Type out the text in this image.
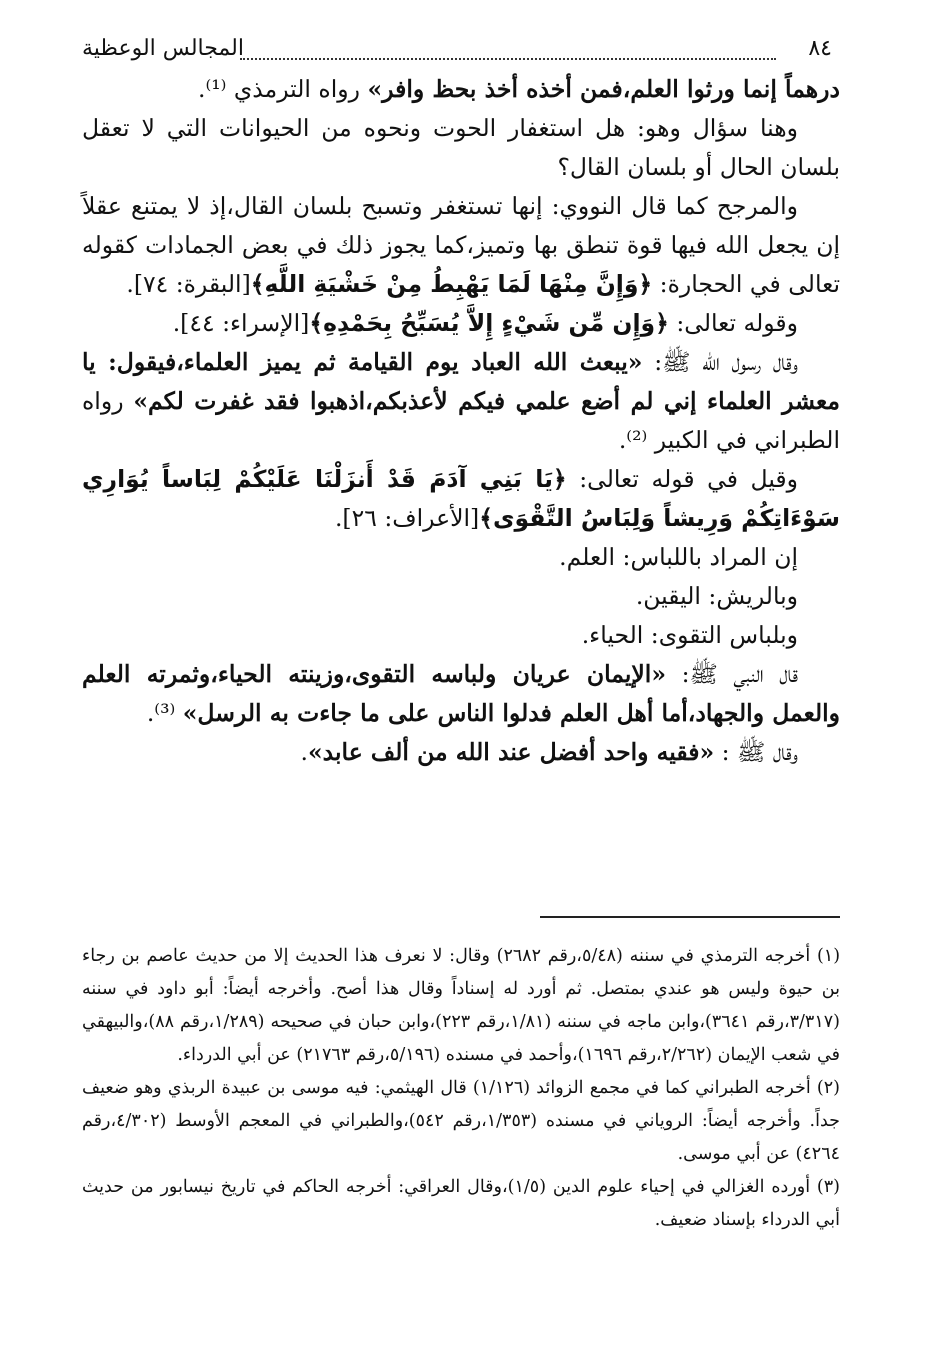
٨٤
المجالس الوعظية

درهماً إنما ورثوا العلم،فمن أخذه أخذ بحظ وافر» رواه الترمذي ⁽¹⁾.

وهنا سؤال وهو: هل استغفار الحوت ونحوه من الحيوانات التي لا تعقل بلسان الحال أو بلسان القال؟

والمرجح كما قال النووي: إنها تستغفر وتسبح بلسان القال،إذ لا يمتنع عقلاً إن يجعل الله فيها قوة تنطق بها وتميز،كما يجوز ذلك في بعض الجمادات كقوله تعالى في الحجارة: ﴿وَإِنَّ مِنْهَا لَمَا يَهْبِطُ مِنْ خَشْيَةِ اللَّهِ﴾[البقرة: ٧٤].

وقوله تعالى: ﴿وَإِن مِّن شَيْءٍ إِلاَّ يُسَبِّحُ بِحَمْدِهِ﴾[الإسراء: ٤٤].

وقال رسول الله ﷺ: «يبعث الله العباد يوم القيامة ثم يميز العلماء،فيقول: يا معشر العلماء إني لم أضع علمي فيكم لأعذبكم،اذهبوا فقد غفرت لكم» رواه الطبراني في الكبير ⁽²⁾.

وقيل في قوله تعالى: ﴿يَا بَنِي آدَمَ قَدْ أَنزَلْنَا عَلَيْكُمْ لِبَاساً يُوَارِي سَوْءَاتِكُمْ وَرِيشاً وَلِبَاسُ التَّقْوَى﴾[الأعراف: ٢٦].

إن المراد باللباس: العلم.

وبالريش: اليقين.

وبلباس التقوى: الحياء.

قال النبي ﷺ: «الإيمان عريان ولباسه التقوى،وزينته الحياء،وثمرته العلم والعمل والجهاد،أما أهل العلم فدلوا الناس على ما جاءت به الرسل» ⁽³⁾.

وقال ﷺ : «فقيه واحد أفضل عند الله من ألف عابد».

(١) أخرجه الترمذي في سننه (٥/٤٨،رقم ٢٦٨٢) وقال: لا نعرف هذا الحديث إلا من حديث عاصم بن رجاء بن حيوة وليس هو عندي بمتصل. ثم أورد له إسناداً وقال هذا أصح. وأخرجه أيضاً: أبو داود في سننه (٣/٣١٧،رقم ٣٦٤١)،وابن ماجه في سننه (١/٨١،رقم ٢٢٣)،وابن حبان في صحيحه (١/٢٨٩،رقم ٨٨)،والبيهقي في شعب الإيمان (٢/٢٦٢،رقم ١٦٩٦)،وأحمد في مسنده (٥/١٩٦،رقم ٢١٧٦٣) عن أبي الدرداء.

(٢) أخرجه الطبراني كما في مجمع الزوائد (١/١٢٦) قال الهيثمي: فيه موسى بن عبيدة الربذي وهو ضعيف جداً. وأخرجه أيضاً: الروياني في مسنده (١/٣٥٣،رقم ٥٤٢)،والطبراني في المعجم الأوسط (٤/٣٠٢،رقم ٤٢٦٤) عن أبي موسى.

(٣) أورده الغزالي في إحياء علوم الدين (١/٥)،وقال العراقي: أخرجه الحاكم في تاريخ نيسابور من حديث أبي الدرداء بإسناد ضعيف.
